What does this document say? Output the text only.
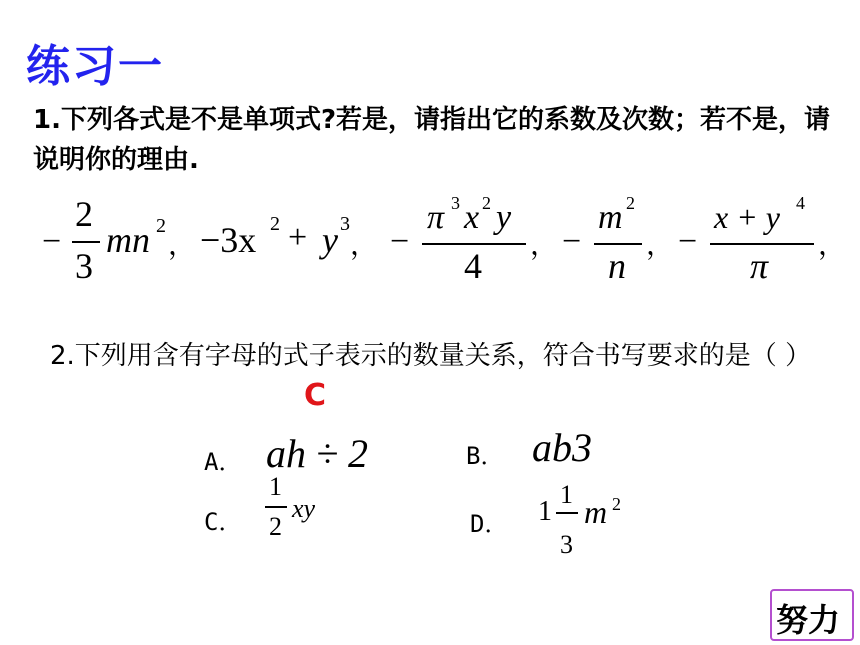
练习一
1.下列各式是不是单项式?若是，请指出它的系数及次数；若不是，请说明你的理由.
−
2
3
mn 2
， −3x 2 + y 3
， −
π 3 x 2 y
4
， −
m 2
n
， −
x + y 4
π
，
2.下列用含有字母的式子表示的数量关系，符合书写要求的是（ ）
C
A． ah ÷ 2	B． ab3
C．
1
2
xy
D． 1
1
3
m 2
努力
